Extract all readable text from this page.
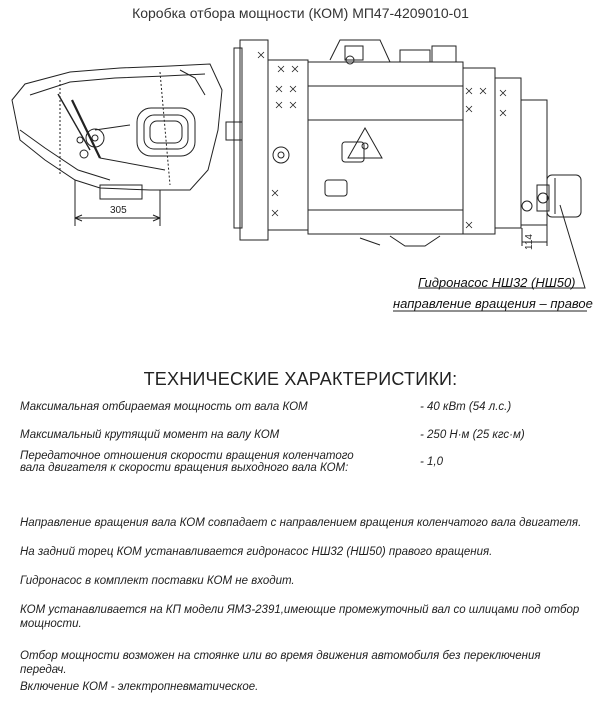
Коробка отбора мощности (КОМ) МП47-4209010-01
305
114
Гидронасос НШ32 (НШ50)
направление вращения – правое
ТЕХНИЧЕСКИЕ ХАРАКТЕРИСТИКИ:
Максимальная отбираемая мощность от вала КОМ	- 40 кВт (54 л.с.)
Максимальный крутящий момент на валу КОМ	- 250 Н·м (25 кгс·м)
Передаточное отношения скорости вращения коленчатого вала двигателя к скорости вращения выходного вала КОМ:	- 1,0
Направление вращения вала КОМ совпадает с направлением вращения коленчатого вала двигателя.
На задний торец КОМ устанавливается гидронасос НШ32 (НШ50) правого вращения.
Гидронасос в комплект поставки КОМ не входит.
КОМ устанавливается на КП модели ЯМЗ-2391,имеющие промежуточный вал со шлицами под отбор мощности.
Отбор мощности возможен на стоянке или во время движения автомобиля без переключения передач.
Включение КОМ - электропневматическое.
